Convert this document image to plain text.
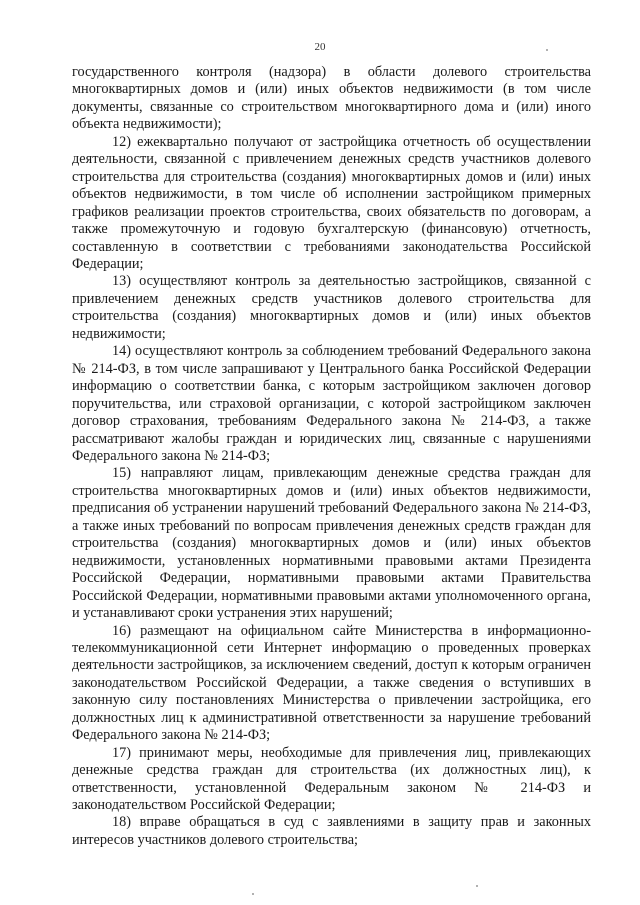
20

государственного контроля (надзора) в области долевого строительства многоквартирных домов и (или) иных объектов недвижимости (в том числе документы, связанные со строительством многоквартирного дома и (или) иного объекта недвижимости);

12) ежеквартально получают от застройщика отчетность об осуществлении деятельности, связанной с привлечением денежных средств участников долевого строительства для строительства (создания) многоквартирных домов и (или) иных объектов недвижимости, в том числе об исполнении застройщиком примерных графиков реализации проектов строительства, своих обязательств по договорам, а также промежуточную и годовую бухгалтерскую (финансовую) отчетность, составленную в соответствии с требованиями законодательства Российской Федерации;

13) осуществляют контроль за деятельностью застройщиков, связанной с привлечением денежных средств участников долевого строительства для строительства (создания) многоквартирных домов и (или) иных объектов недвижимости;

14) осуществляют контроль за соблюдением требований Федерального закона № 214-ФЗ, в том числе запрашивают у Центрального банка Российской Федерации информацию о соответствии банка, с которым застройщиком заключен договор поручительства, или страховой организации, с которой застройщиком заключен договор страхования, требованиям Федерального закона № 214-ФЗ, а также рассматривают жалобы граждан и юридических лиц, связанные с нарушениями Федерального закона № 214-ФЗ;

15) направляют лицам, привлекающим денежные средства граждан для строительства многоквартирных домов и (или) иных объектов недвижимости, предписания об устранении нарушений требований Федерального закона № 214-ФЗ, а также иных требований по вопросам привлечения денежных средств граждан для строительства (создания) многоквартирных домов и (или) иных объектов недвижимости, установленных нормативными правовыми актами Президента Российской Федерации, нормативными правовыми актами Правительства Российской Федерации, нормативными правовыми актами уполномоченного органа, и устанавливают сроки устранения этих нарушений;

16) размещают на официальном сайте Министерства в информационно-телекоммуникационной сети Интернет информацию о проведенных проверках деятельности застройщиков, за исключением сведений, доступ к которым ограничен законодательством Российской Федерации, а также сведения о вступивших в законную силу постановлениях Министерства о привлечении застройщика, его должностных лиц к административной ответственности за нарушение требований Федерального закона № 214-ФЗ;

17) принимают меры, необходимые для привлечения лиц, привлекающих денежные средства граждан для строительства (их должностных лиц), к ответственности, установленной Федеральным законом № 214-ФЗ и законодательством Российской Федерации;

18) вправе обращаться в суд с заявлениями в защиту прав и законных интересов участников долевого строительства;
